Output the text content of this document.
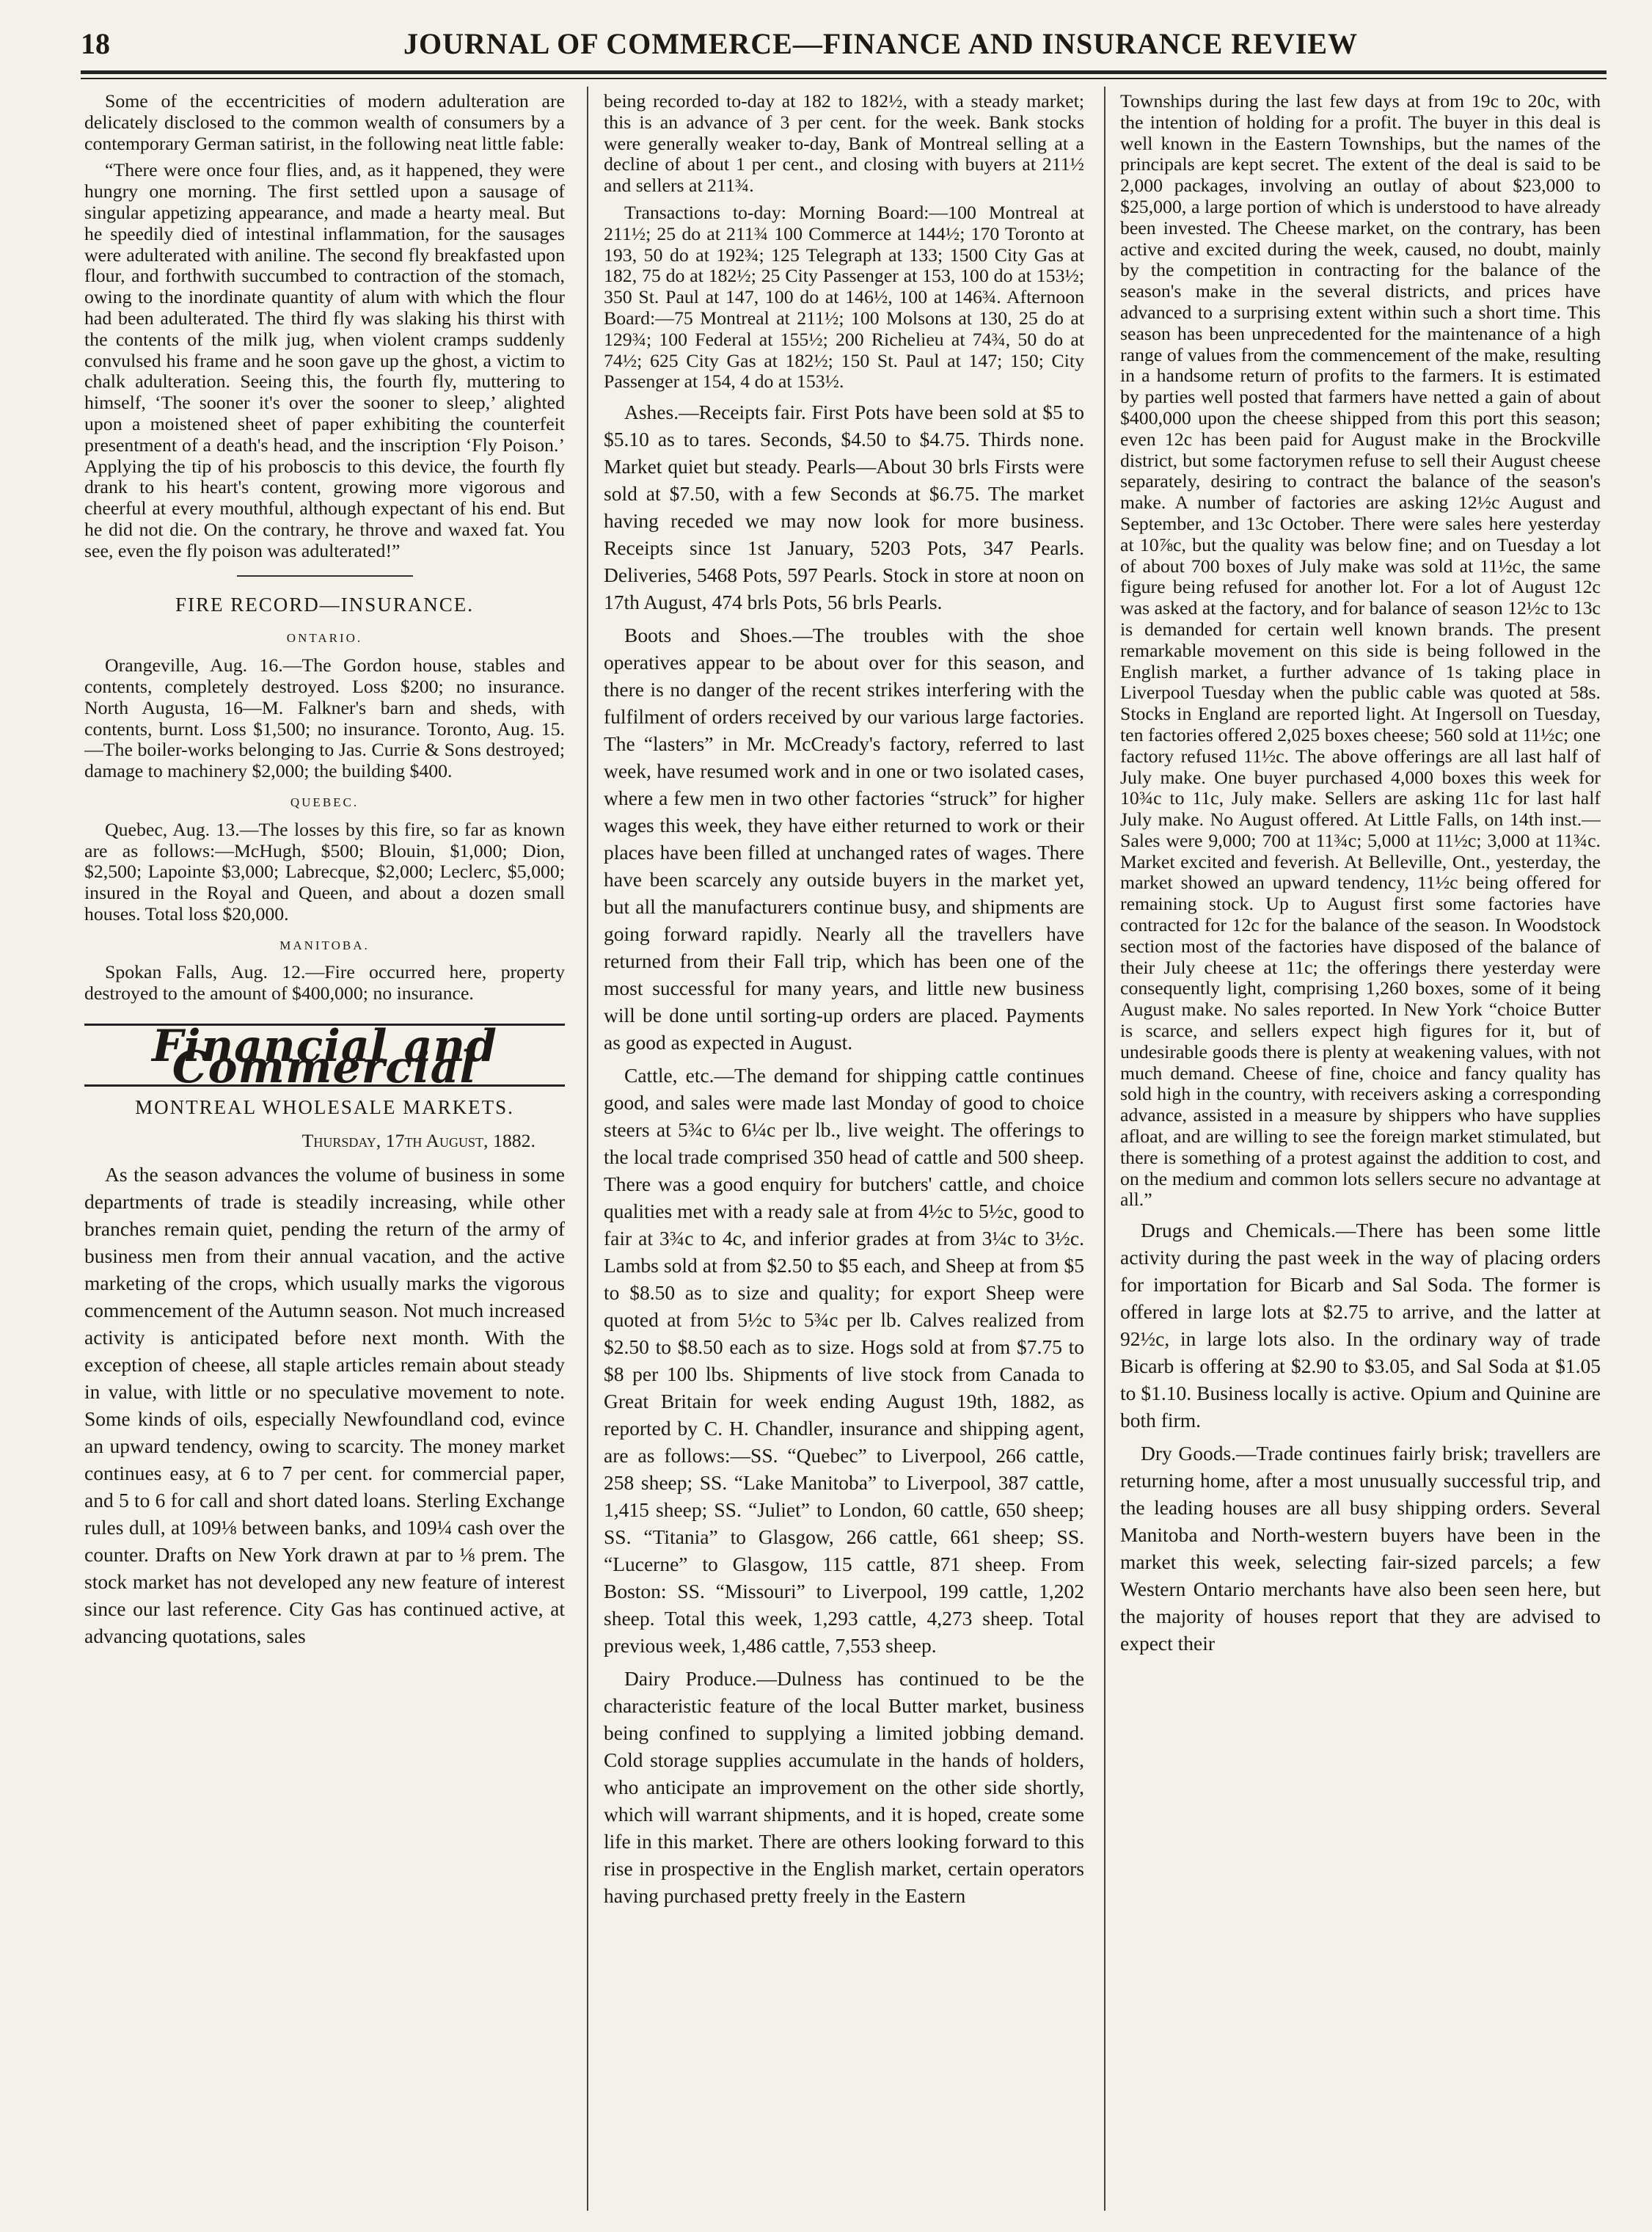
18	JOURNAL OF COMMERCE—FINANCE AND INSURANCE REVIEW

Some of the eccentricities of modern adulteration are delicately disclosed to the common wealth of consumers by a contemporary German satirist, in the following neat little fable:

“There were once four flies, and, as it happened, they were hungry one morning. The first settled upon a sausage of singular appetizing appearance, and made a hearty meal. But he speedily died of intestinal inflammation, for the sausages were adulterated with aniline. The second fly breakfasted upon flour, and forthwith succumbed to contraction of the stomach, owing to the inordinate quantity of alum with which the flour had been adulterated. The third fly was slaking his thirst with the contents of the milk jug, when violent cramps suddenly convulsed his frame and he soon gave up the ghost, a victim to chalk adulteration. Seeing this, the fourth fly, muttering to himself, ‘The sooner it's over the sooner to sleep,’ alighted upon a moistened sheet of paper exhibiting the counterfeit presentment of a death's head, and the inscription ‘Fly Poison.’ Applying the tip of his proboscis to this device, the fourth fly drank to his heart's content, growing more vigorous and cheerful at every mouthful, although expectant of his end. But he did not die. On the contrary, he throve and waxed fat. You see, even the fly poison was adulterated!”

FIRE RECORD—INSURANCE.

ONTARIO.

Orangeville, Aug. 16.—The Gordon house, stables and contents, completely destroyed. Loss $200; no insurance. North Augusta, 16—M. Falkner's barn and sheds, with contents, burnt. Loss $1,500; no insurance. Toronto, Aug. 15.—The boiler-works belonging to Jas. Currie & Sons destroyed; damage to machinery $2,000; the building $400.

QUEBEC.

Quebec, Aug. 13.—The losses by this fire, so far as known are as follows:—McHugh, $500; Blouin, $1,000; Dion, $2,500; Lapointe $3,000; Labrecque, $2,000; Leclerc, $5,000; insured in the Royal and Queen, and about a dozen small houses. Total loss $20,000.

MANITOBA.

Spokan Falls, Aug. 12.—Fire occurred here, property destroyed to the amount of $400,000; no insurance.

Financial and Commercial

MONTREAL WHOLESALE MARKETS.

Thursday, 17th August, 1882.

As the season advances the volume of business in some departments of trade is steadily increasing, while other branches remain quiet, pending the return of the army of business men from their annual vacation, and the active marketing of the crops, which usually marks the vigorous commencement of the Autumn season. Not much increased activity is anticipated before next month. With the exception of cheese, all staple articles remain about steady in value, with little or no speculative movement to note. Some kinds of oils, especially Newfoundland cod, evince an upward tendency, owing to scarcity. The money market continues easy, at 6 to 7 per cent. for commercial paper, and 5 to 6 for call and short dated loans. Sterling Exchange rules dull, at 109⅛ between banks, and 109¼ cash over the counter. Drafts on New York drawn at par to ⅛ prem. The stock market has not developed any new feature of interest since our last reference. City Gas has continued active, at advancing quotations, sales

being recorded to-day at 182 to 182½, with a steady market; this is an advance of 3 per cent. for the week. Bank stocks were generally weaker to-day, Bank of Montreal selling at a decline of about 1 per cent., and closing with buyers at 211½ and sellers at 211¾.

Transactions to-day: Morning Board:—100 Montreal at 211½; 25 do at 211¾ 100 Commerce at 144½; 170 Toronto at 193, 50 do at 192¾; 125 Telegraph at 133; 1500 City Gas at 182, 75 do at 182½; 25 City Passenger at 153, 100 do at 153½; 350 St. Paul at 147, 100 do at 146½, 100 at 146¾. Afternoon Board:—75 Montreal at 211½; 100 Molsons at 130, 25 do at 129¾; 100 Federal at 155½; 200 Richelieu at 74¾, 50 do at 74½; 625 City Gas at 182½; 150 St. Paul at 147; 150; City Passenger at 154, 4 do at 153½.

Ashes.—Receipts fair. First Pots have been sold at $5 to $5.10 as to tares. Seconds, $4.50 to $4.75. Thirds none. Market quiet but steady. Pearls—About 30 brls Firsts were sold at $7.50, with a few Seconds at $6.75. The market having receded we may now look for more business. Receipts since 1st January, 5203 Pots, 347 Pearls. Deliveries, 5468 Pots, 597 Pearls. Stock in store at noon on 17th August, 474 brls Pots, 56 brls Pearls.

Boots and Shoes.—The troubles with the shoe operatives appear to be about over for this season, and there is no danger of the recent strikes interfering with the fulfilment of orders received by our various large factories. The “lasters” in Mr. McCready's factory, referred to last week, have resumed work and in one or two isolated cases, where a few men in two other factories “struck” for higher wages this week, they have either returned to work or their places have been filled at unchanged rates of wages. There have been scarcely any outside buyers in the market yet, but all the manufacturers continue busy, and shipments are going forward rapidly. Nearly all the travellers have returned from their Fall trip, which has been one of the most successful for many years, and little new business will be done until sorting-up orders are placed. Payments as good as expected in August.

Cattle, etc.—The demand for shipping cattle continues good, and sales were made last Monday of good to choice steers at 5¾c to 6¼c per lb., live weight. The offerings to the local trade comprised 350 head of cattle and 500 sheep. There was a good enquiry for butchers' cattle, and choice qualities met with a ready sale at from 4½c to 5½c, good to fair at 3¾c to 4c, and inferior grades at from 3¼c to 3½c. Lambs sold at from $2.50 to $5 each, and Sheep at from $5 to $8.50 as to size and quality; for export Sheep were quoted at from 5½c to 5¾c per lb. Calves realized from $2.50 to $8.50 each as to size. Hogs sold at from $7.75 to $8 per 100 lbs. Shipments of live stock from Canada to Great Britain for week ending August 19th, 1882, as reported by C. H. Chandler, insurance and shipping agent, are as follows:—SS. “Quebec” to Liverpool, 266 cattle, 258 sheep; SS. “Lake Manitoba” to Liverpool, 387 cattle, 1,415 sheep; SS. “Juliet” to London, 60 cattle, 650 sheep; SS. “Titania” to Glasgow, 266 cattle, 661 sheep; SS. “Lucerne” to Glasgow, 115 cattle, 871 sheep. From Boston: SS. “Missouri” to Liverpool, 199 cattle, 1,202 sheep. Total this week, 1,293 cattle, 4,273 sheep. Total previous week, 1,486 cattle, 7,553 sheep.

Dairy Produce.—Dulness has continued to be the characteristic feature of the local Butter market, business being confined to supplying a limited jobbing demand. Cold storage supplies accumulate in the hands of holders, who anticipate an improvement on the other side shortly, which will warrant shipments, and it is hoped, create some life in this market. There are others looking forward to this rise in prospective in the English market, certain operators having purchased pretty freely in the Eastern

Townships during the last few days at from 19c to 20c, with the intention of holding for a profit. The buyer in this deal is well known in the Eastern Townships, but the names of the principals are kept secret. The extent of the deal is said to be 2,000 packages, involving an outlay of about $23,000 to $25,000, a large portion of which is understood to have already been invested. The Cheese market, on the contrary, has been active and excited during the week, caused, no doubt, mainly by the competition in contracting for the balance of the season's make in the several districts, and prices have advanced to a surprising extent within such a short time. This season has been unprecedented for the maintenance of a high range of values from the commencement of the make, resulting in a handsome return of profits to the farmers. It is estimated by parties well posted that farmers have netted a gain of about $400,000 upon the cheese shipped from this port this season; even 12c has been paid for August make in the Brockville district, but some factorymen refuse to sell their August cheese separately, desiring to contract the balance of the season's make. A number of factories are asking 12½c August and September, and 13c October. There were sales here yesterday at 10⅞c, but the quality was below fine; and on Tuesday a lot of about 700 boxes of July make was sold at 11½c, the same figure being refused for another lot. For a lot of August 12c was asked at the factory, and for balance of season 12½c to 13c is demanded for certain well known brands. The present remarkable movement on this side is being followed in the English market, a further advance of 1s taking place in Liverpool Tuesday when the public cable was quoted at 58s. Stocks in England are reported light. At Ingersoll on Tuesday, ten factories offered 2,025 boxes cheese; 560 sold at 11½c; one factory refused 11½c. The above offerings are all last half of July make. One buyer purchased 4,000 boxes this week for 10¾c to 11c, July make. Sellers are asking 11c for last half July make. No August offered. At Little Falls, on 14th inst.—Sales were 9,000; 700 at 11¾c; 5,000 at 11½c; 3,000 at 11¾c. Market excited and feverish. At Belleville, Ont., yesterday, the market showed an upward tendency, 11½c being offered for remaining stock. Up to August first some factories have contracted for 12c for the balance of the season. In Woodstock section most of the factories have disposed of the balance of their July cheese at 11c; the offerings there yesterday were consequently light, comprising 1,260 boxes, some of it being August make. No sales reported. In New York “choice Butter is scarce, and sellers expect high figures for it, but of undesirable goods there is plenty at weakening values, with not much demand. Cheese of fine, choice and fancy quality has sold high in the country, with receivers asking a corresponding advance, assisted in a measure by shippers who have supplies afloat, and are willing to see the foreign market stimulated, but there is something of a protest against the addition to cost, and on the medium and common lots sellers secure no advantage at all.”

Drugs and Chemicals.—There has been some little activity during the past week in the way of placing orders for importation for Bicarb and Sal Soda. The former is offered in large lots at $2.75 to arrive, and the latter at 92½c, in large lots also. In the ordinary way of trade Bicarb is offering at $2.90 to $3.05, and Sal Soda at $1.05 to $1.10. Business locally is active. Opium and Quinine are both firm.

Dry Goods.—Trade continues fairly brisk; travellers are returning home, after a most unusually successful trip, and the leading houses are all busy shipping orders. Several Manitoba and North-western buyers have been in the market this week, selecting fair-sized parcels; a few Western Ontario merchants have also been seen here, but the majority of houses report that they are advised to expect their
